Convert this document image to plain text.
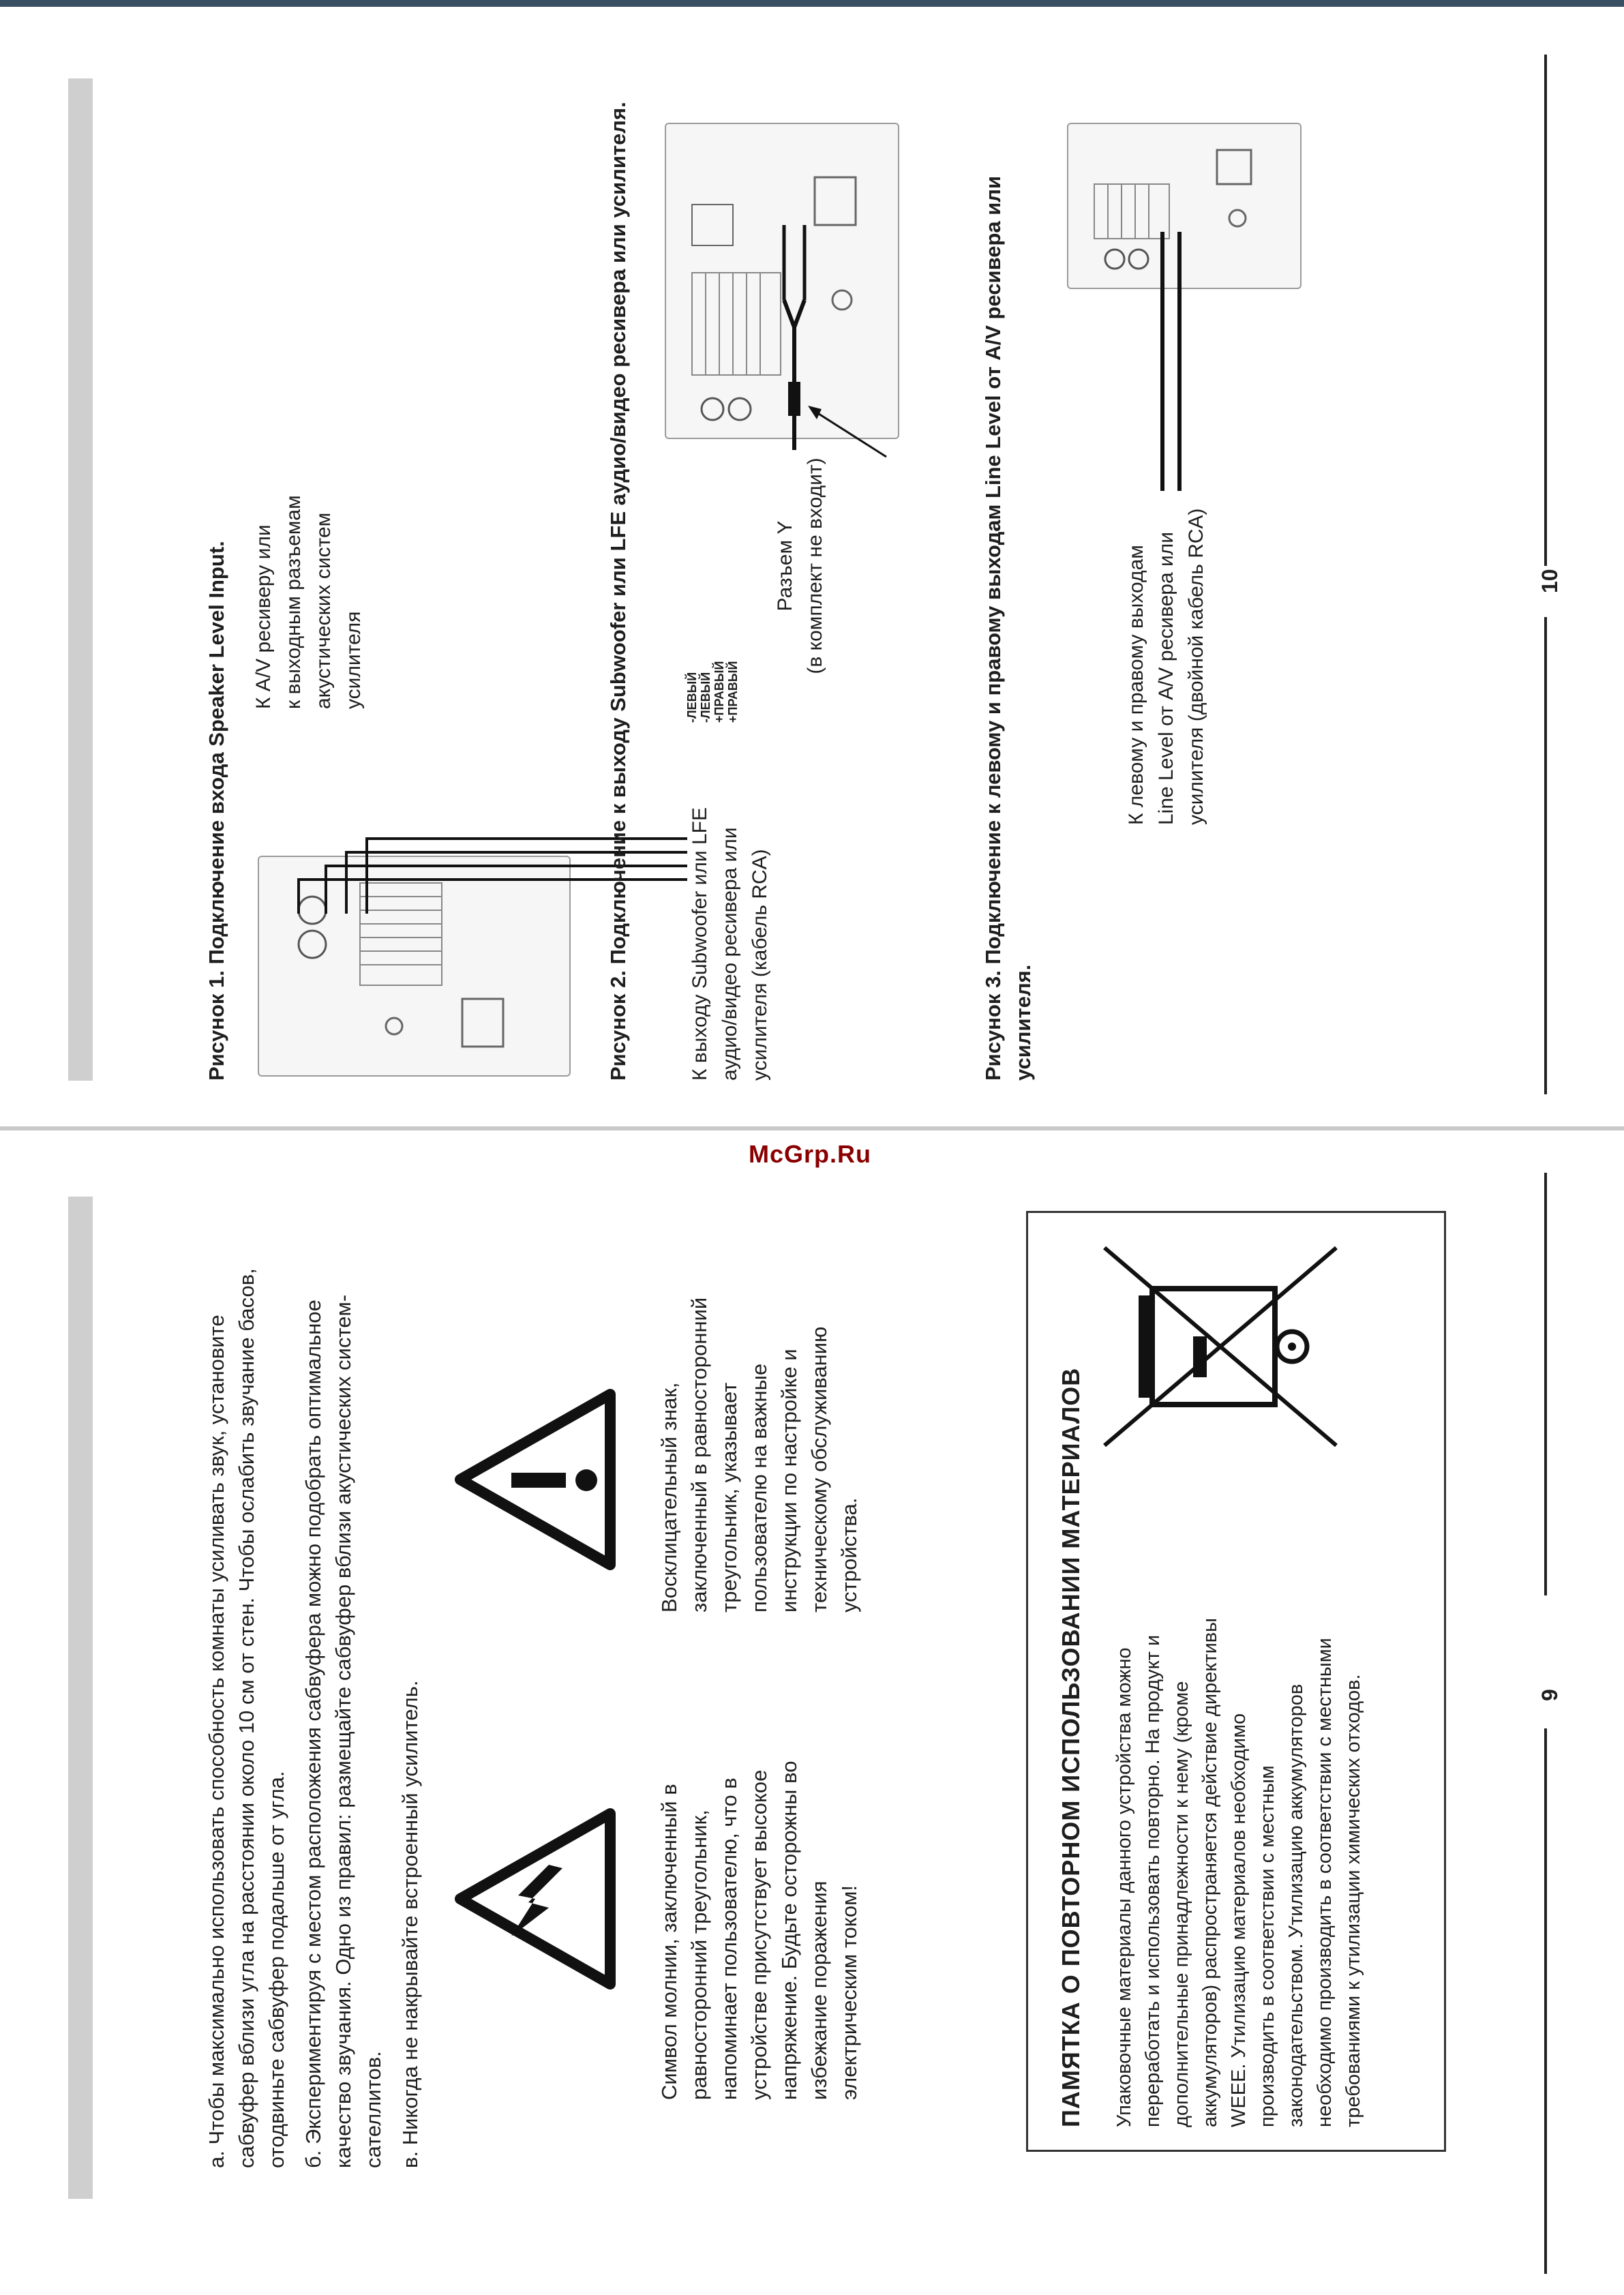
McGrp.Ru

а. Чтобы максимально использовать способность комнаты усиливать звук, установите сабвуфер вблизи угла на расстоянии около 10 см от стен. Чтобы ослабить звучание басов, отодвиньте сабвуфер подальше от угла. б. Экспериментируя с местом расположения сабвуфера можно подобрать оптимальное качество звучания. Одно из правил: размещайте сабвуфер вблизи акустических систем-сателлитов. в. Никогда не накрывайте встроенный усилитель.	Символ молнии, заключенный в равносторонний треугольник, напоминает пользователю, что в устройстве присутствует высокое напряжение. Будьте осторожны во избежание поражения электрическим током!
Восклицательный знак, заключенный в равносторонний треугольник, указывает пользователю на важные инструкции по настройке и техническому обслуживанию устройства.	ПАМЯТКА О ПОВТОРНОМ ИСПОЛЬЗОВАНИИ МАТЕРИАЛОВ Упаковочные материалы данного устройства можно переработать и использовать повторно. На продукт и дополнительные принадлежности к нему (кроме аккумуляторов) распространяется действие директивы WEEE. Утилизацию материалов необходимо производить в соответствии с местным законодательством. Утилизацию аккумуляторов необходимо производить в соответствии с местными требованиями к утилизации химических отходов.	9
Рисунок 1. Подключение входа Speaker Level Input.	-ЛЕВЫЙ -ЛЕВЫЙ +ПРАВЫЙ +ПРАВЫЙ
К A/V ресиверу или к выходным разъемам акустических систем усилителя	Рисунок 2. Подключение к выходу Subwoofer или LFE аудио/видео ресивера или усилителя.	К выходу Subwoofer или LFE аудио/видео ресивера или усилителя (кабель RCA)
Разъем Y (в комплект не входит)	Рисунок 3. Подключение к левому и правому выходам Line Level от A/V ресивера или усилителя.
К левому и правому выходам Line Level от A/V ресивера или усилителя (двойной кабель RCA)	10
